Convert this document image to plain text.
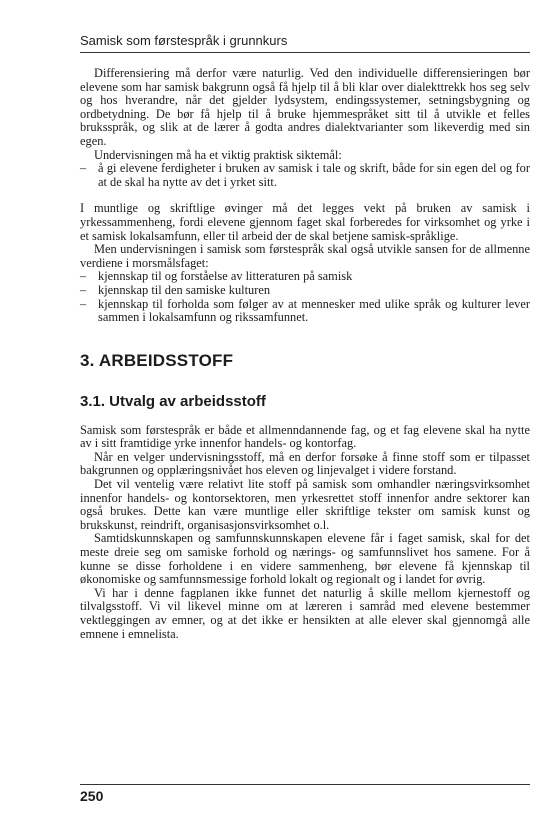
Samisk som førstespråk i grunnkurs

Differensiering må derfor være naturlig. Ved den individuelle differensieringen bør elevene som har samisk bakgrunn også få hjelp til å bli klar over dialekttrekk hos seg selv og hos hverandre, når det gjelder lydsystem, endingssystemer, setningsbygning og ordbetydning. De bør få hjelp til å bruke hjemmespråket sitt til å utvikle et felles bruksspråk, og slik at de lærer å godta andres dialektvarianter som likeverdig med sin egen.

Undervisningen må ha et viktig praktisk siktemål:

– å gi elevene ferdigheter i bruken av samisk i tale og skrift, både for sin egen del og for at de skal ha nytte av det i yrket sitt.

I muntlige og skriftlige øvinger må det legges vekt på bruken av samisk i yrkessammenheng, fordi elevene gjennom faget skal forberedes for virksomhet og yrke i et samisk lokalsamfunn, eller til arbeid der de skal betjene samisk-språklige.

Men undervisningen i samisk som førstespråk skal også utvikle sansen for de allmenne verdiene i morsmålsfaget:

– kjennskap til og forståelse av litteraturen på samisk
– kjennskap til den samiske kulturen
– kjennskap til forholda som følger av at mennesker med ulike språk og kulturer lever sammen i lokalsamfunn og rikssamfunnet.
3. ARBEIDSSTOFF
3.1. Utvalg av arbeidsstoff

Samisk som førstespråk er både et allmenndannende fag, og et fag elevene skal ha nytte av i sitt framtidige yrke innenfor handels- og kontorfag.

Når en velger undervisningsstoff, må en derfor forsøke å finne stoff som er tilpasset bakgrunnen og opplæringsnivået hos eleven og linjevalget i videre forstand.

Det vil ventelig være relativt lite stoff på samisk som omhandler næringsvirksomhet innenfor handels- og kontorsektoren, men yrkesrettet stoff innenfor andre sektorer kan også brukes. Dette kan være muntlige eller skriftlige tekster om samisk kunst og brukskunst, reindrift, organisasjonsvirksomhet o.l.

Samtidskunnskapen og samfunnskunnskapen elevene får i faget samisk, skal for det meste dreie seg om samiske forhold og nærings- og samfunnslivet hos samene. For å kunne se disse forholdene i en videre sammenheng, bør elevene få kjennskap til økonomiske og samfunnsmessige forhold lokalt og regionalt og i landet for øvrig.

Vi har i denne fagplanen ikke funnet det naturlig å skille mellom kjernestoff og tilvalgsstoff. Vi vil likevel minne om at læreren i samråd med elevene bestemmer vektleggingen av emner, og at det ikke er hensikten at alle elever skal gjennomgå alle emnene i emnelista.

250
